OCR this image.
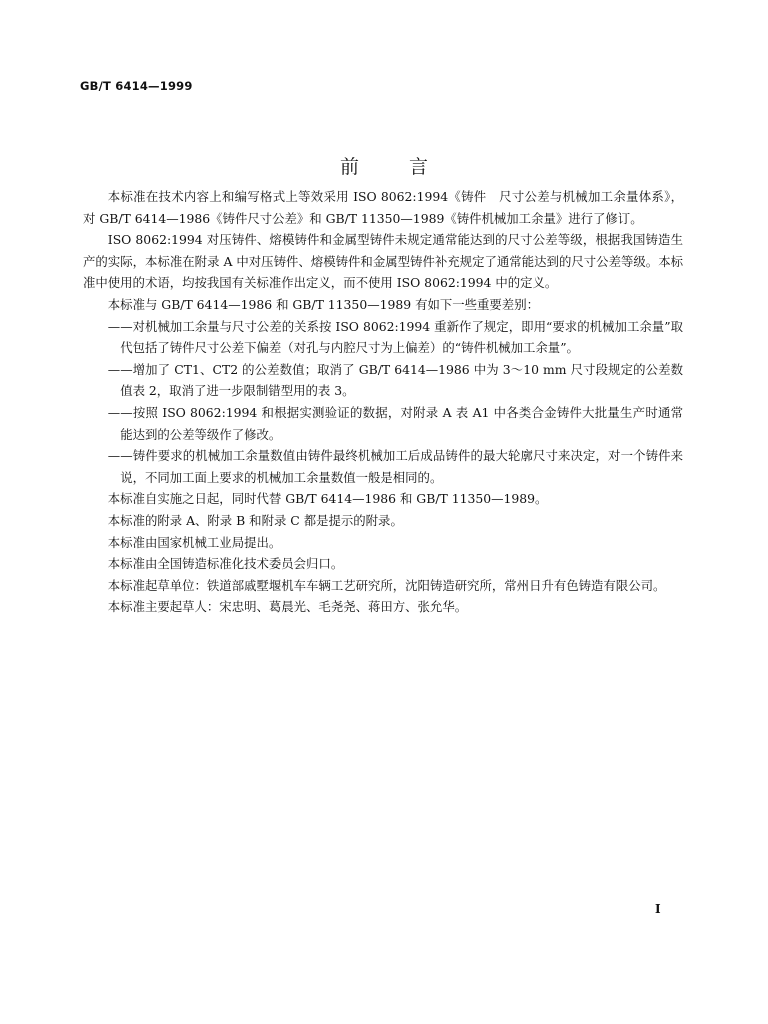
GB/T 6414—1999
前言

本标准在技术内容上和编写格式上等效采用 ISO 8062:1994《铸件　尺寸公差与机械加工余量体系》，对 GB/T 6414—1986《铸件尺寸公差》和 GB/T 11350—1989《铸件机械加工余量》进行了修订。

ISO 8062:1994 对压铸件、熔模铸件和金属型铸件未规定通常能达到的尺寸公差等级，根据我国铸造生产的实际，本标准在附录 A 中对压铸件、熔模铸件和金属型铸件补充规定了通常能达到的尺寸公差等级。本标准中使用的术语，均按我国有关标准作出定义，而不使用 ISO 8062:1994 中的定义。

本标准与 GB/T 6414—1986 和 GB/T 11350—1989 有如下一些重要差别：

——对机械加工余量与尺寸公差的关系按 ISO 8062:1994 重新作了规定，即用“要求的机械加工余量”取代包括了铸件尺寸公差下偏差（对孔与内腔尺寸为上偏差）的“铸件机械加工余量”。

——增加了 CT1、CT2 的公差数值；取消了 GB/T 6414—1986 中为 3～10 mm 尺寸段规定的公差数值表 2，取消了进一步限制错型用的表 3。

——按照 ISO 8062:1994 和根据实测验证的数据，对附录 A 表 A1 中各类合金铸件大批量生产时通常能达到的公差等级作了修改。

——铸件要求的机械加工余量数值由铸件最终机械加工后成品铸件的最大轮廓尺寸来决定，对一个铸件来说，不同加工面上要求的机械加工余量数值一般是相同的。

本标准自实施之日起，同时代替 GB/T 6414—1986 和 GB/T 11350—1989。

本标准的附录 A、附录 B 和附录 C 都是提示的附录。

本标准由国家机械工业局提出。

本标准由全国铸造标准化技术委员会归口。

本标准起草单位：铁道部戚墅堰机车车辆工艺研究所，沈阳铸造研究所，常州日升有色铸造有限公司。

本标准主要起草人：宋忠明、葛晨光、毛尧尧、蒋田方、张允华。

I
